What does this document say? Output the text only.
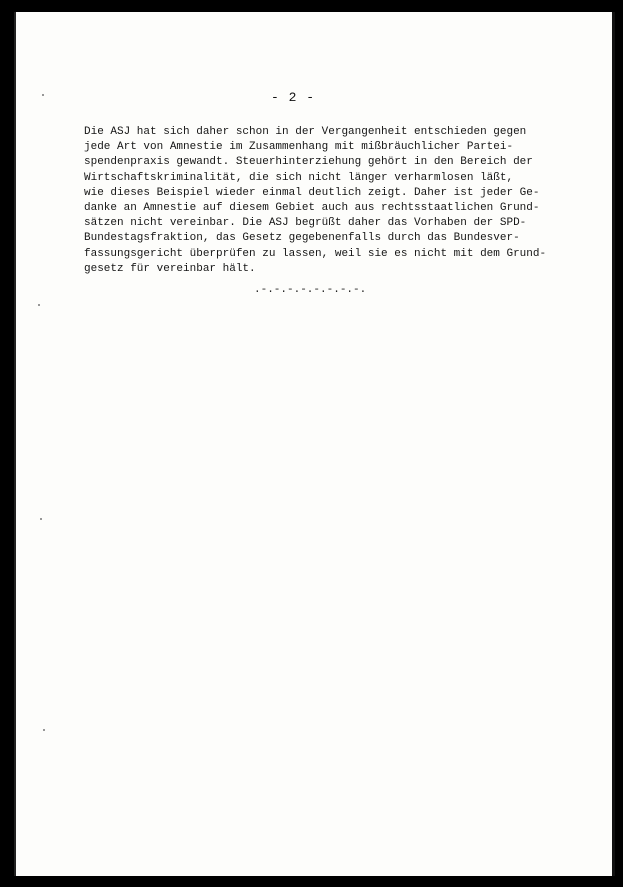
- 2 -

Die ASJ hat sich daher schon in der Vergangenheit entschieden gegen
jede Art von Amnestie im Zusammenhang mit mißbräuchlicher Partei-
spendenpraxis gewandt. Steuerhinterziehung gehört in den Bereich der
Wirtschaftskriminalität, die sich nicht länger verharmlosen läßt,
wie dieses Beispiel wieder einmal deutlich zeigt. Daher ist jeder Ge-
danke an Amnestie auf diesem Gebiet auch aus rechtsstaatlichen Grund-
sätzen nicht vereinbar. Die ASJ begrüßt daher das Vorhaben der SPD-
Bundestagsfraktion, das Gesetz gegebenenfalls durch das Bundesver-
fassungsgericht überprüfen zu lassen, weil sie es nicht mit dem Grund-
gesetz für vereinbar hält.

.-.-.-.-.-.-.-.-.
